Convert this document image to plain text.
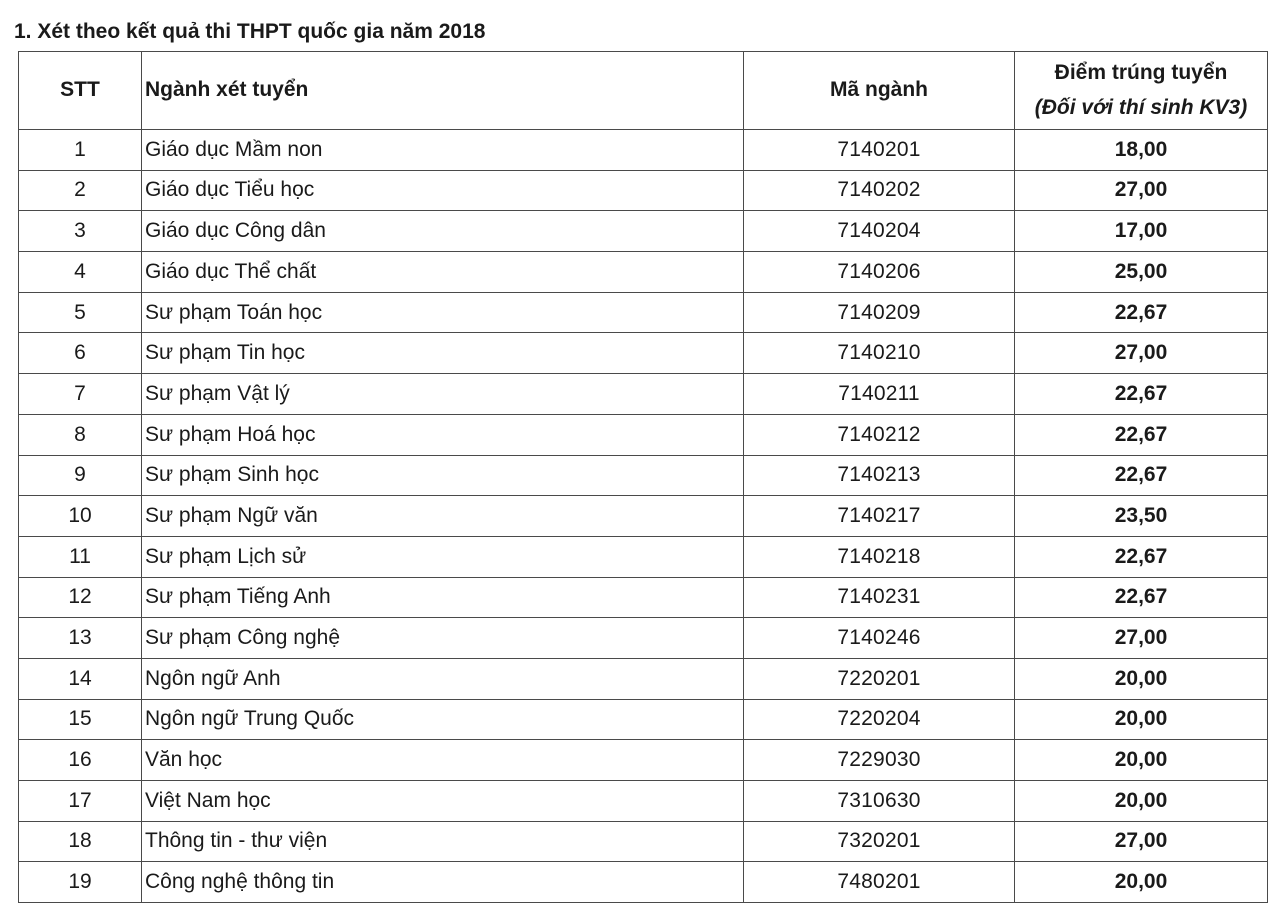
1. Xét theo kết quả thi THPT quốc gia năm 2018
STT	Ngành xét tuyển	Mã ngành	Điểm trúng tuyển
(Đối với thí sinh KV3)

1	Giáo dục Mầm non	7140201	18,00
2	Giáo dục Tiểu học	7140202	27,00
3	Giáo dục Công dân	7140204	17,00
4	Giáo dục Thể chất	7140206	25,00
5	Sư phạm Toán học	7140209	22,67
6	Sư phạm Tin học	7140210	27,00
7	Sư phạm Vật lý	7140211	22,67
8	Sư phạm Hoá học	7140212	22,67
9	Sư phạm Sinh học	7140213	22,67
10	Sư phạm Ngữ văn	7140217	23,50
11	Sư phạm Lịch sử	7140218	22,67
12	Sư phạm Tiếng Anh	7140231	22,67
13	Sư phạm Công nghệ	7140246	27,00
14	Ngôn ngữ Anh	7220201	20,00
15	Ngôn ngữ Trung Quốc	7220204	20,00
16	Văn học	7229030	20,00
17	Việt Nam học	7310630	20,00
18	Thông tin - thư viện	7320201	27,00
19	Công nghệ thông tin	7480201	20,00
